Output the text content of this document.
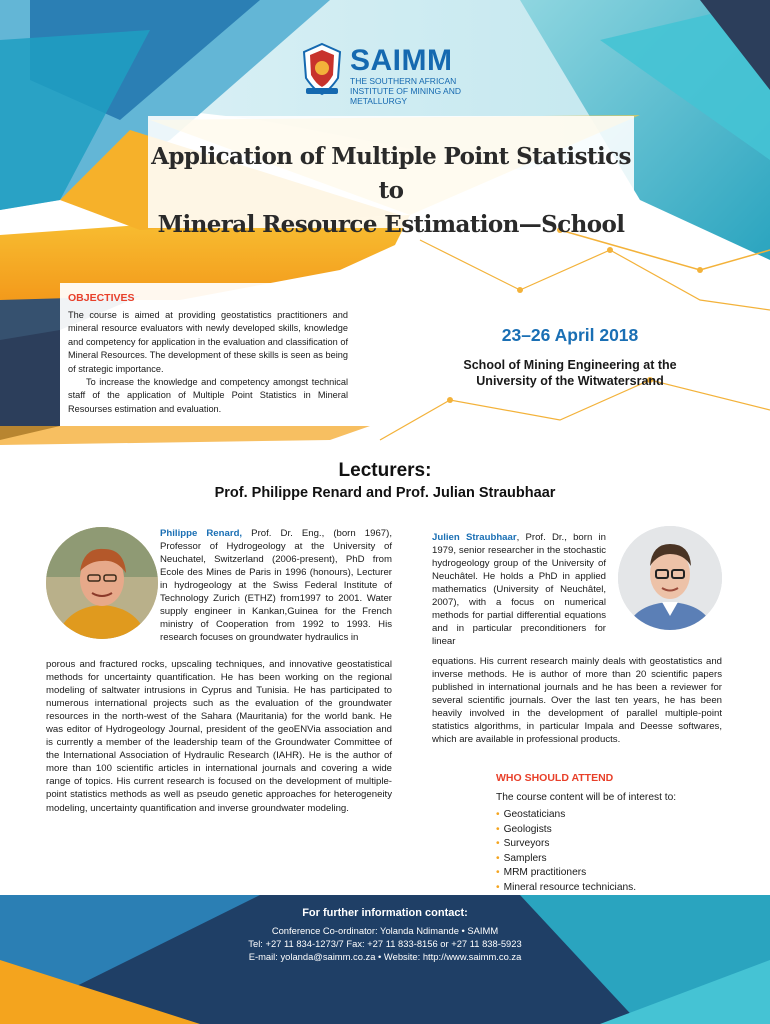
SAIMM
THE SOUTHERN AFRICAN INSTITUTE OF MINING AND METALLURGY
Application of Multiple Point Statistics to
Mineral Resource Estimation—School
OBJECTIVES

The course is aimed at providing geostatistics practitioners and mineral resource evaluators with newly developed skills, knowledge and competency for application in the evaluation and classification of Mineral Resources. The development of these skills is seen as being of strategic importance.

To increase the knowledge and competency amongst technical staff of the application of Multiple Point Statistics in Mineral Resourses estimation and evaluation.

23–26 April 2018
School of Mining Engineering at the
University of the Witwatersrand
Lecturers:
Prof. Philippe Renard and Prof. Julian Straubhaar

Philippe Renard, Prof. Dr. Eng., (born 1967), Professor of Hydrogeology at the University of Neuchatel, Switzerland (2006-present), PhD from Ecole des Mines de Paris in 1996 (honours), Lecturer in hydrogeology at the Swiss Federal Institute of Technology Zurich (ETHZ) from1997 to 2001. Water supply engineer in Kankan,Guinea for the French ministry of Cooperation from 1992 to 1993. His research focuses on groundwater hydraulics in

porous and fractured rocks, upscaling techniques, and innovative geostatistical methods for uncertainty quantification. He has been working on the regional modeling of saltwater intrusions in Cyprus and Tunisia. He has participated to numerous international projects such as the evaluation of the groundwater resources in the north-west of the Sahara (Mauritania) for the world bank. He was editor of Hydrogeology Journal, president of the geoENVia association and is currently a member of the leadership team of the Groundwater Committee of the International Association of Hydraulic Research (IAHR). He is the author of more than 100 scientific articles in international journals and covering a wide range of topics. His current research is focused on the development of multiple-point statistics methods as well as pseudo genetic approaches for heterogeneity modeling, uncertainty quantification and inverse groundwater modeling.

Julien Straubhaar, Prof. Dr., born in 1979, senior researcher in the stochastic hydrogeology group of the University of Neuchâtel. He holds a PhD in applied mathematics (University of Neuchâtel, 2007), with a focus on numerical methods for partial differential equations and in particular preconditioners for linear

equations. His current research mainly deals with geostatistics and inverse methods. He is author of more than 20 scientific papers published in international journals and he has been a reviewer for several scientific journals. Over the last ten years, he has been heavily involved in the development of parallel multiple-point statistics algorithms, in particular Impala and Deesse softwares, which are available in professional products.

WHO SHOULD ATTEND
The course content will be of interest to:
• Geostaticians
• Geologists
• Surveyors
• Samplers
• MRM practitioners
• Mineral resource technicians.
For further information contact:
Conference Co-ordinator: Yolanda Ndimande • SAIMM
Tel: +27 11 834-1273/7 Fax: +27 11 833-8156 or +27 11 838-5923
E-mail: yolanda@saimm.co.za • Website: http://www.saimm.co.za
